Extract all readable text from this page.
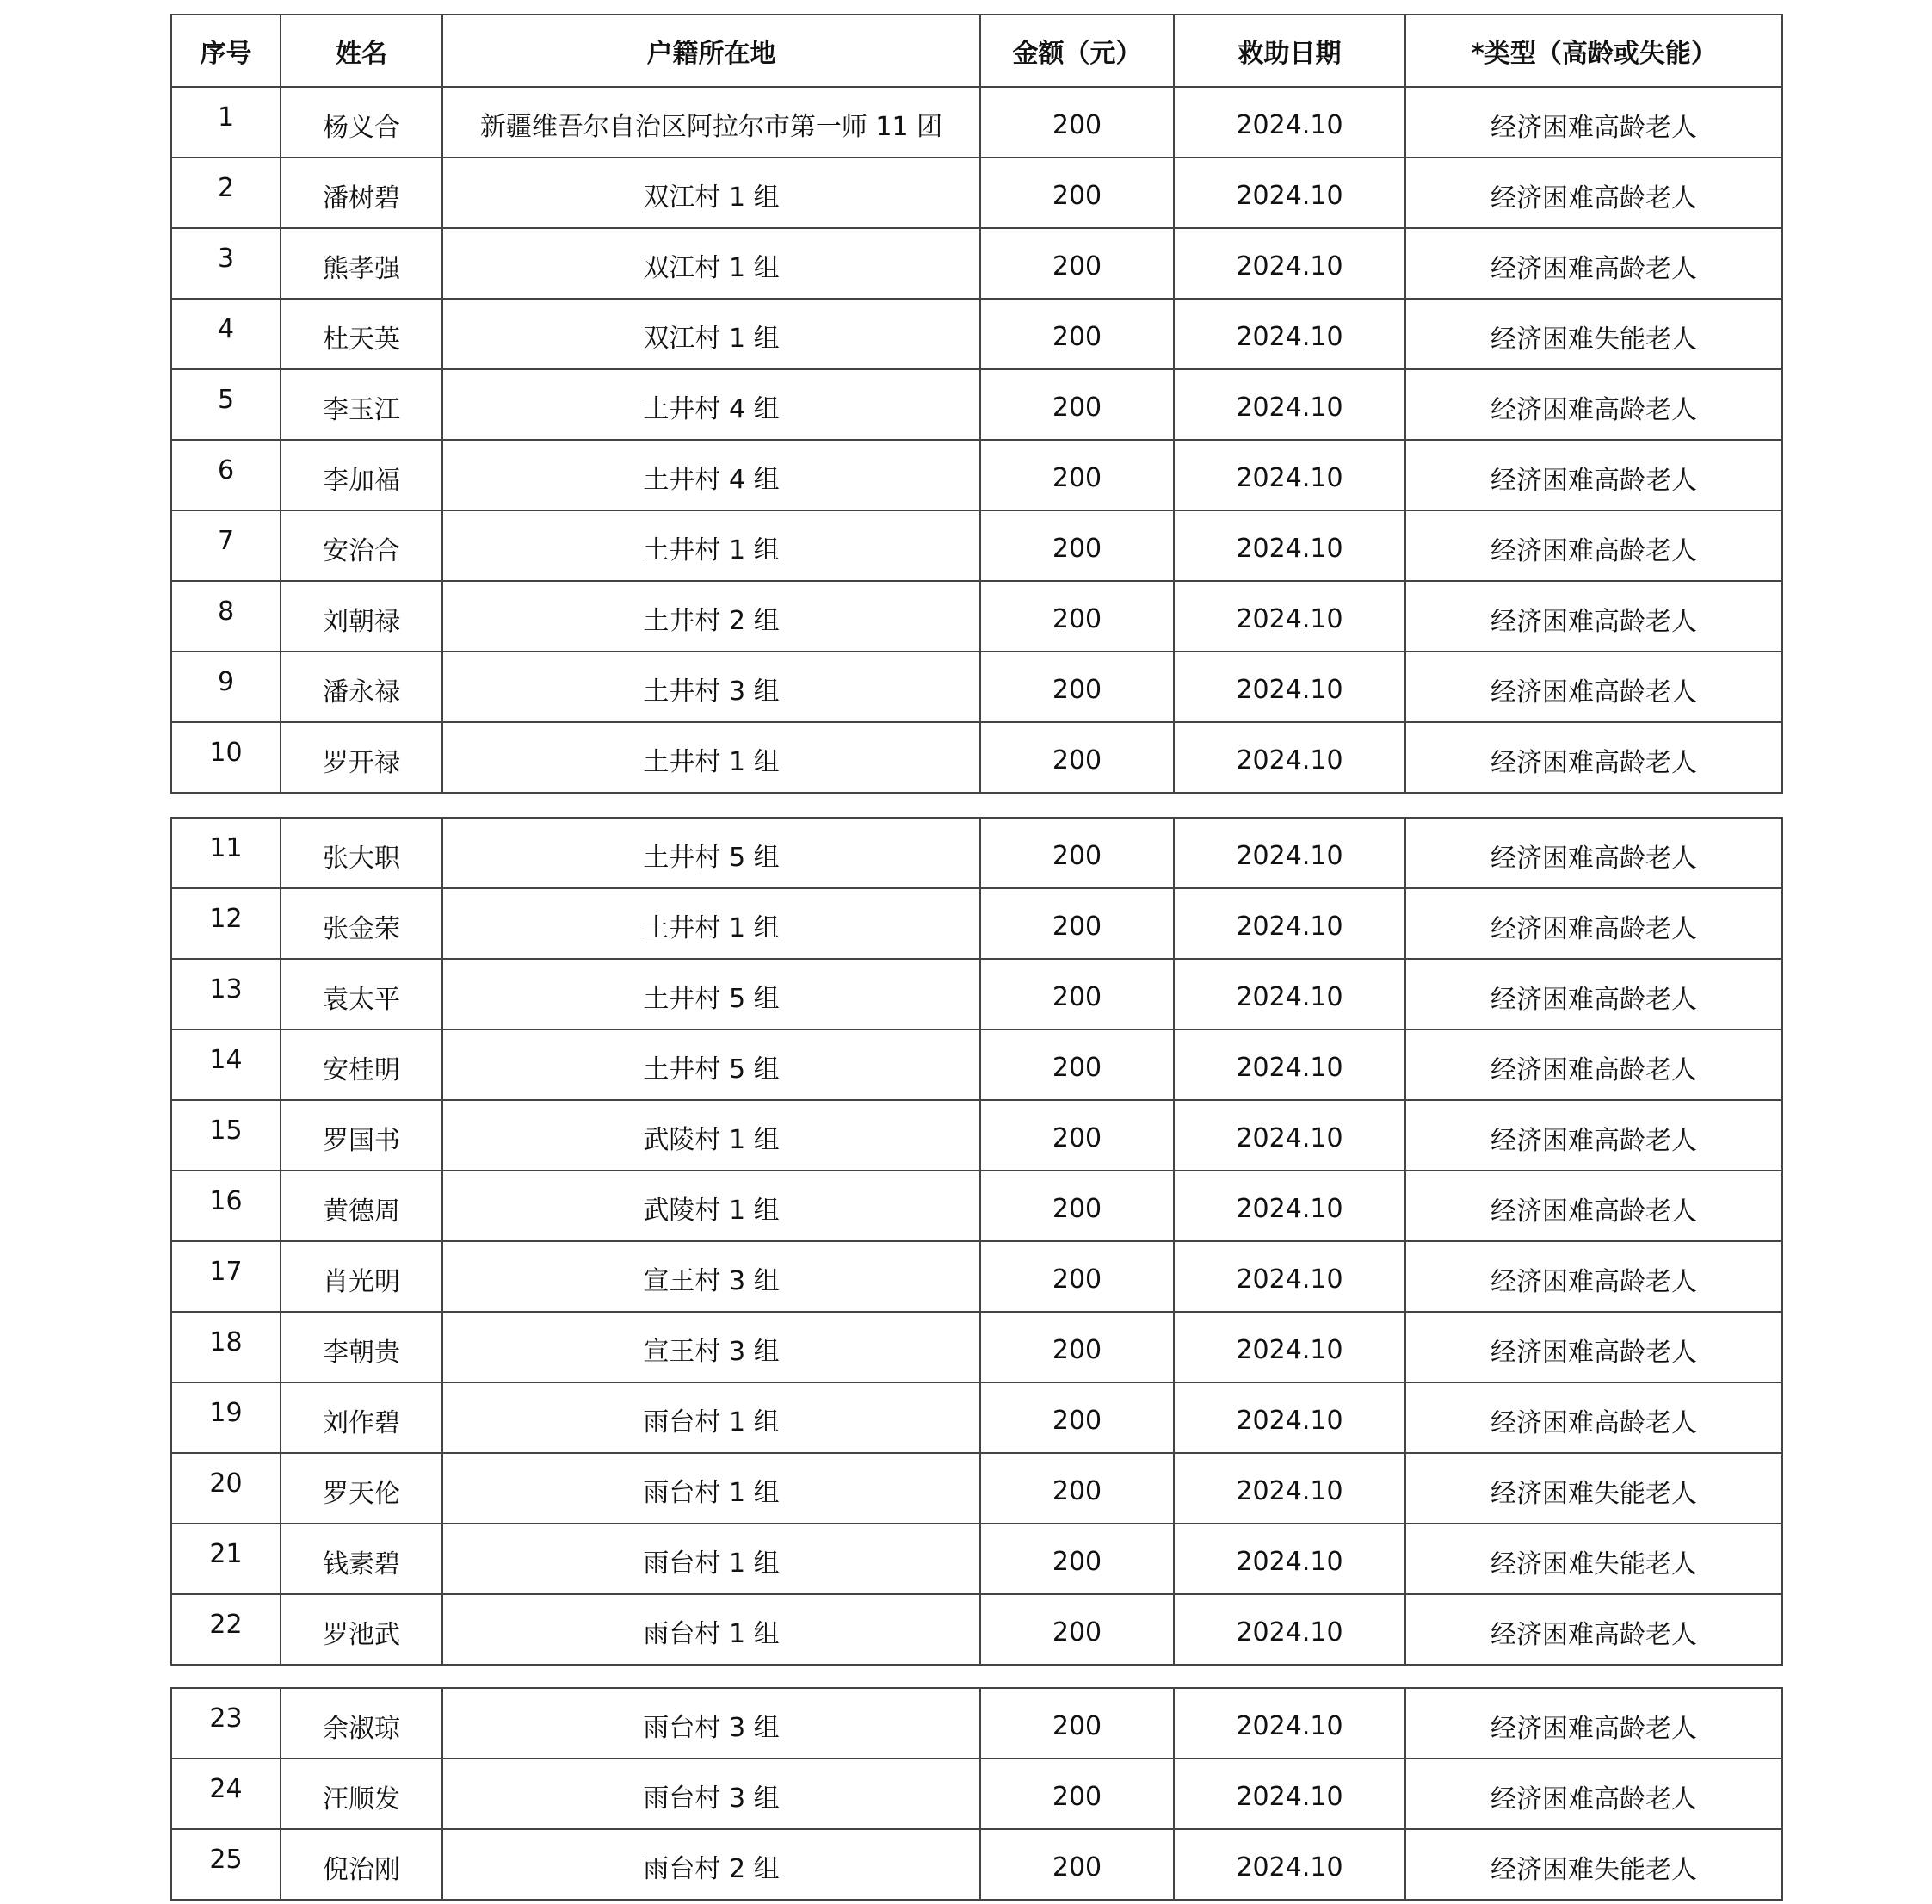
序号	姓名	户籍所在地	金额（元）	救助日期	*类型（高龄或失能）
1	杨义合	新疆维吾尔自治区阿拉尔市第一师 11 团	200	2024.10	经济困难高龄老人
2	潘树碧	双江村 1 组	200	2024.10	经济困难高龄老人
3	熊孝强	双江村 1 组	200	2024.10	经济困难高龄老人
4	杜天英	双江村 1 组	200	2024.10	经济困难失能老人
5	李玉江	土井村 4 组	200	2024.10	经济困难高龄老人
6	李加福	土井村 4 组	200	2024.10	经济困难高龄老人
7	安治合	土井村 1 组	200	2024.10	经济困难高龄老人
8	刘朝禄	土井村 2 组	200	2024.10	经济困难高龄老人
9	潘永禄	土井村 3 组	200	2024.10	经济困难高龄老人
10	罗开禄	土井村 1 组	200	2024.10	经济困难高龄老人
11	张大职	土井村 5 组	200	2024.10	经济困难高龄老人
12	张金荣	土井村 1 组	200	2024.10	经济困难高龄老人
13	袁太平	土井村 5 组	200	2024.10	经济困难高龄老人
14	安桂明	土井村 5 组	200	2024.10	经济困难高龄老人
15	罗国书	武陵村 1 组	200	2024.10	经济困难高龄老人
16	黄德周	武陵村 1 组	200	2024.10	经济困难高龄老人
17	肖光明	宣王村 3 组	200	2024.10	经济困难高龄老人
18	李朝贵	宣王村 3 组	200	2024.10	经济困难高龄老人
19	刘作碧	雨台村 1 组	200	2024.10	经济困难高龄老人
20	罗天伦	雨台村 1 组	200	2024.10	经济困难失能老人
21	钱素碧	雨台村 1 组	200	2024.10	经济困难失能老人
22	罗池武	雨台村 1 组	200	2024.10	经济困难高龄老人
23	余淑琼	雨台村 3 组	200	2024.10	经济困难高龄老人
24	汪顺发	雨台村 3 组	200	2024.10	经济困难高龄老人
25	倪治刚	雨台村 2 组	200	2024.10	经济困难失能老人
